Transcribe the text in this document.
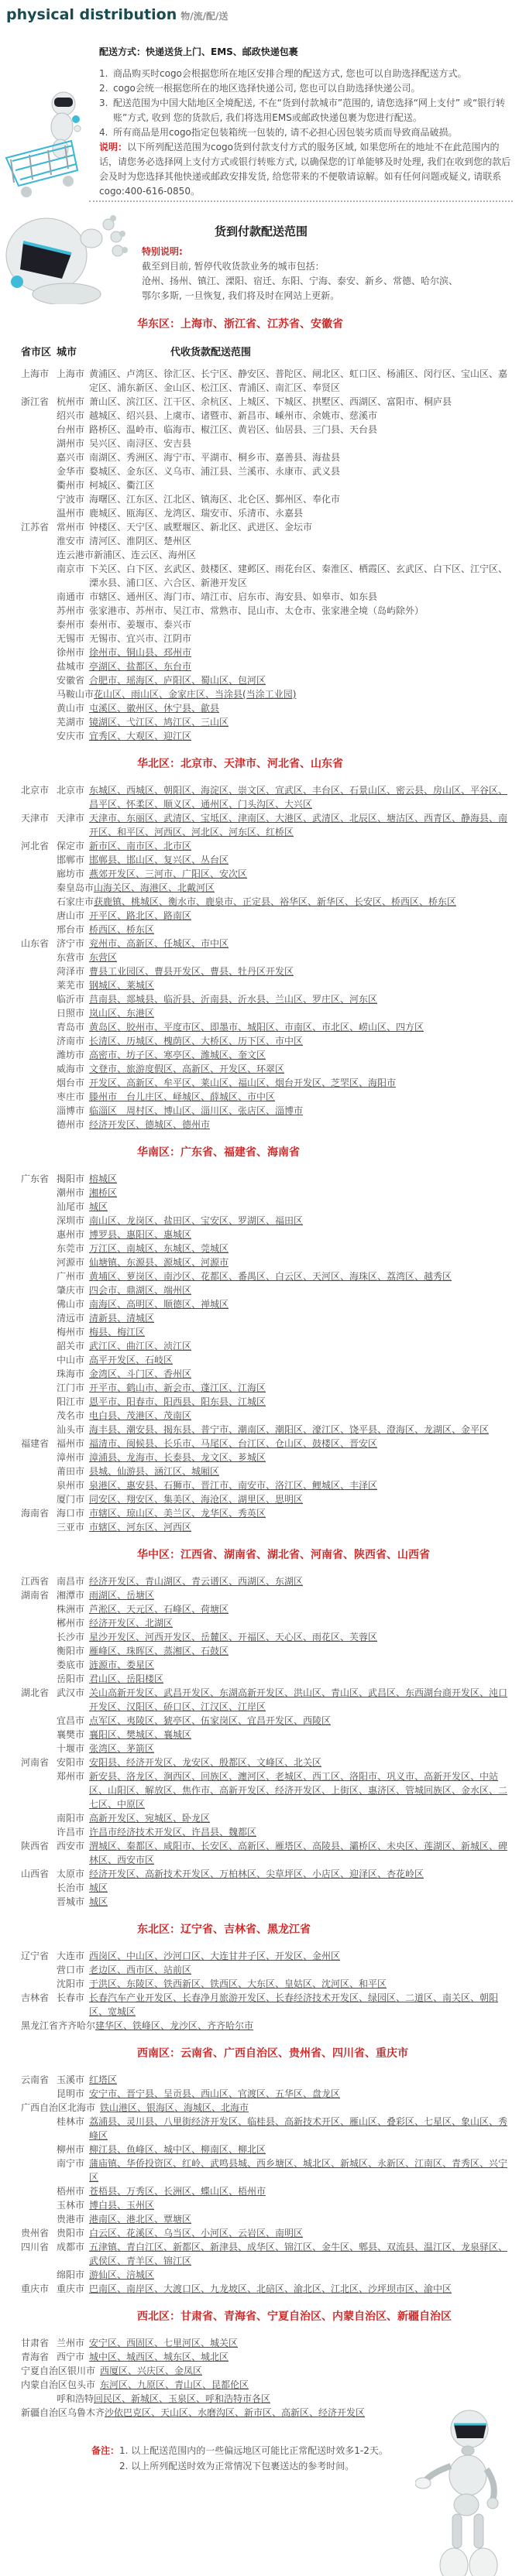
physical distribution 物/流/配/送
配送方式：快递送货上门、EMS、邮政快递包裹
1. 商品购买时cogo会根据您所在地区安排合理的配送方式, 您也可以自助选择配送方式。
2. cogo会统一根据您所在的地区选择快递公司, 您也可以自助选择快递公司。
3. 配送范围为中国大陆地区全境配送, 不在“货到付款城市”范围的, 请您选择“网上支付” 或“银行转账”方式, 收到 您的货款后, 我们将选用EMS或邮政快递包裹为您进行配送。
4. 所有商品是用cogo指定包装箱统一包装的, 请不必担心因包装劣质而导致商品破损。
说明：以下所列配送范围为cogo货到付款支付方式的服务区域, 如果您所在的地址不在此范围内的话，请您务必选择网上支付方式或银行转账方式, 以确保您的订单能够及时处理, 我们在收到您的款后会及时为您选择其他快递或邮政安排发货, 给您带来的不便敬请谅解。如有任何问题或疑义, 请联系cogo:400-616-0850。
货到付款配送范围
特别说明:
截至到目前, 暂停代收货款业务的城市包括：
沧州、扬州、镇江、溧阳、宿迁、东阳、宁海、泰安、新乡、常德、哈尔滨、
鄂尔多斯, 一旦恢复, 我们将及时在网站上更新。
华东区：上海市、浙江省、江苏省、安徽省
省市区 城市	代收货款配送范围
上海市 上海市 黄浦区、卢湾区、徐汇区、长宁区、静安区、普陀区、闸北区、虹口区、杨浦区、闵行区、宝山区、嘉定区、浦东新区、金山区、松江区、青浦区、南汇区、奉贤区
浙江省 杭州市 萧山区、滨江区、江干区、余杭区、上城区、下城区、拱墅区、西湖区、富阳市、桐庐县
绍兴市 越城区、绍兴县、上虞市、诸暨市、新昌市、嵊州市、余姚市、慈溪市
台州市 路桥区、温岭市、临海市、椒江区、黄岩区、仙居县、三门县、天台县
湖州市 吴兴区、南浔区、安吉县
嘉兴市 南湖区、秀洲区、海宁市、平湖市、桐乡市、嘉善县、海盐县
金华市 婺城区、金东区、义乌市、浦江县、兰溪市、永康市、武义县
衢州市 柯城区、衢江区
宁波市 海曙区、江东区、江北区、镇海区、北仑区、鄞州区、奉化市
温州市 鹿城区、瓯海区、龙湾区、瑞安市、乐清市、永嘉县
江苏省 常州市 钟楼区、天宁区、戚墅堰区、新北区、武进区、金坛市
淮安市 清河区、淮阴区、楚州区
连云港市 新浦区、连云区、海州区
南京市 下关区、白下区、玄武区、鼓楼区、建邺区、雨花台区、秦淮区、栖霞区、玄武区、白下区、江宁区、溧水县、浦口区、六合区、新港开发区
南通市 市辖区、通州区、海门市、靖江市、启东市、海安县、如皋市、如东县
苏州市 张家港市、苏州市、吴江市、常熟市、昆山市、太仓市、张家港全境（岛屿除外）
泰州市 泰州市、姜堰市、泰兴市
无锡市 无锡市、宜兴市、江阴市
徐州市 徐州市、铜山县、邳州市
盐城市 亭湖区、盐都区、东台市
安徽省 合肥市、瑶海区、庐阳区、蜀山区、包河区
马鞍山市 花山区、雨山区、金家庄区、当涂县(当涂工业园)
黄山市 屯溪区、徽州区、休宁县、歙县
芜湖市 镜湖区、弋江区、鸠江区、三山区
安庆市 宜秀区、大观区、迎江区
华北区：北京市、天津市、河北省、山东省
北京市 北京市 东城区、西城区、朝阳区、海淀区、崇文区、宣武区、丰台区、石景山区、密云县、房山区、平谷区、昌平区、怀柔区、顺义区、通州区、门头沟区、大兴区
天津市 天津市 天津市、东丽区、武清区、宝坻区、津南区、大港区、武清区、北辰区、塘沽区、西青区、静海县、南开区、和平区、河西区、河北区、河东区、红桥区
河北省 保定市 新市区、南市区、北市区
邯郸市 邯郸县、邯山区、复兴区、丛台区
廊坊市 燕郊开发区、三河市、广阳区、安次区
秦皇岛市 山海关区、海港区、北戴河区
石家庄市 获鹿镇、桃城区、衡水市、鹿泉市、正定县、裕华区、新华区、长安区、桥西区、桥东区
唐山市 开平区、路北区、路南区
邢台市 桥西区、桥东区
山东省 济宁市 兖州市、高新区、任城区、市中区
东营市 东营区
菏泽市 曹县工业园区、曹县开发区、曹县、牡丹区开发区
莱芜市 钢城区、莱城区
临沂市 莒南县、郯城县、临沂县、沂南县、沂水县、兰山区、罗庄区、河东区
日照市 岚山区、东港区
青岛市 黄岛区、胶州市、平度市区、即墨市、城阳区、市南区、市北区、崂山区、四方区
济南市 长清区、历城区、槐荫区、大桥区、历下区、市中区
潍坊市 高密市、坊子区、寒亭区、潍城区、奎文区
威海市 文登市、旅游度假区、高新区、开发区、环翠区
烟台市 开发区、高新区、牟平区、莱山区、福山区、烟台开发区、芝罘区、海阳市
枣庄市 滕州市　台儿庄区、峄城区、薛城区、市中区
淄博市 临淄区　周村区、博山区、淄川区、张店区、淄博市
德州市 经济开发区、德城区、德州市
华南区：广东省、福建省、海南省
广东省 揭阳市 榕城区
潮州市 湘桥区
汕尾市 城区
深圳市 南山区、龙岗区、盐田区、宝安区、罗湖区、福田区
惠州市 博罗县、惠阳区、惠城区
东莞市 万江区、南城区、东城区、莞城区
河源市 仙塘镇、东源县、源城区、河源市
广州市 黄埔区、萝岗区、南沙区、花都区、番禺区、白云区、天河区、海珠区、荔湾区、越秀区
肇庆市 四会市、鼎湖区、端州区
佛山市 南海区、高明区、顺德区、禅城区
清远市 清新县、清城区
梅州市 梅县、梅江区
韶关市 武江区、曲江区、浈江区
中山市 高平开发区、石岐区
珠海市 金湾区、斗门区、香州区
江门市 开平市、鹤山市、新会市、蓬江区、江海区
阳江市 恩平市、阳春市、阳西县、阳东县、江城区
茂名市 电白县、茂港区、茂南区
汕头市 海丰县、潮安县、揭东县、普宁市、潮南区、潮阳区、濠江区、饶平县、澄海区、龙湖区、金平区
福建省 福州市 福清市、闽候县、长乐市、马尾区、台江区、仓山区、鼓楼区、晋安区
漳州市 漳浦县、龙海市、长泰县、龙文区、芗城区
莆田市 县城、仙游县、涵江区、城厢区
泉州市 泉港区、惠安县、石狮市、晋江市、南安市、洛江区、鲤城区、丰泽区
厦门市 同安区、翔安区、集美区、海沧区、湖里区、思明区
海南省 海口市 市辖区、琼山区、美兰区、龙华区、秀英区
三亚市 市辖区、河东区、河西区
华中区：江西省、湖南省、湖北省、河南省、陕西省、山西省
江西省 南昌市 经济开发区、青山湖区、青云谱区、西湖区、东湖区
湖南省 湘潭市 雨湖区、岳塘区
株洲市 芦淞区、天元区、石峰区、荷塘区
郴州市 经济开发区、北湖区
长沙市 星沙开发区、河西开发区、岳麓区、开福区、天心区、雨花区、芙蓉区
衡阳市 雁峰区、珠晖区、蒸湘区、石鼓区
娄底市 涟源市、娄星区
岳阳市 君山区、岳阳楼区
湖北省 武汉市 关山高新开发区、武昌开发区、东湖高新开发区、洪山区、青山区、武昌区、东西湖台商开发区、沌口开发区、汉阳区、硚口区、江汉区、江岸区
宜昌市 点军区、夷陵区、猇亭区、伍家岗区、宜昌开发区、西陵区
襄樊市 襄阳区、樊城区、襄城区
十堰市 张湾区、茅箭区
河南省 安阳市 安阳县、经济开发区、龙安区、殷都区、文峰区、北关区
郑州市 新安县、洛龙区、涧西区、回族区、瀍河区、老城区、西工区、洛阳市、巩义市、高新开发区、中站区、山阳区、解放区、焦作市、高新开发区、经济开发区、上街区、惠济区、管城回族区、金水区、二七区、中原区
南阳市 高新开发区、宛城区、卧龙区
许昌市 许昌市经济技术开发区、许昌县、魏都区
陕西省 西安市 渭城区、秦都区、咸阳市、长安区、高新区、雁塔区、高陵县、灞桥区、未央区、莲湖区、新城区、碑林区、西安市区
山西省 太原市 经济开发区、高新技术开发区、万柏林区、尖草坪区、小店区、迎泽区、杏花岭区
长治市 城区
晋城市 城区
东北区：辽宁省、吉林省、黑龙江省
辽宁省 大连市 西岗区、中山区、沙河口区、大连甘井子区、开发区、金州区
营口市 老边区、西市区、站前区
沈阳市 于洪区、东陵区、铁西新区、铁西区、大东区、皇姑区、沈河区、和平区
吉林省 长春市 长春汽车产业开发区、长春净月旅游开发区、长春经济技术开发区、绿园区、二道区、南关区、朝阳区、宽城区
黑龙江省 齐齐哈尔 建华区、铁峰区、龙沙区、齐齐哈尔市
西南区：云南省、广西自治区、贵州省、四川省、重庆市
云南省 玉溪市 红塔区
昆明市 安宁市、晋宁县、呈贡县、西山区、官渡区、五华区、盘龙区
广西自治区 北海市 铁山港区、银海区、海城区、北海市
桂林市 荔浦县、灵川县、八里街经济开发区、临桂县、高新技术开区、雁山区、叠彩区、七星区、象山区、秀峰区
柳州市 柳江县、鱼峰区、城中区、柳南区、柳北区
南宁市 蒲庙镇、华侨投资区、红岭、武鸣县城、西乡塘区、城北区、新城区、永新区、江南区、青秀区、兴宁区
梧州市 苍梧县、万秀区、长洲区、蝶山区、梧州市
玉林市 博白县、玉州区
贵港市 港南区、港北区、覃塘区
贵州省 贵阳市 白云区、花溪区、乌当区、小河区、云岩区、南明区
四川省 成都市 五津镇、青白江区、新都区、新津县、成华区、锦江区、金牛区、郫县、双流县、温江区、龙泉驿区、武侯区、青羊区、锦江区
绵阳市 游仙区、涪城区
重庆市 重庆市 巴南区、南岸区、大渡口区、九龙坡区、北碚区、渝北区、江北区、沙坪坝市区、渝中区
西北区：甘肃省、青海省、宁夏自治区、内蒙自治区、新疆自治区
甘肃省 兰州市 安宁区、西固区、七里河区、城关区
青海省 西宁市 城中区、城西区、城东区、城北区
宁夏自治区 银川市 西厦区、兴庆区、金凤区
内蒙自治区 包头市 东河区、九原区、青山区、昆都伦区
呼和浩特 回民区、新城区、玉泉区、呼和浩特市各区
新疆自治区 乌鲁木齐 沙依巴克区、天山区、水磨沟区、新市区、高新区、经济开发区
备注： 1. 以上配送范围内的一些偏远地区可能比正常配送时效多1-2天。
2. 以上所列配送时效为正常情况下包裹送达的参考时间。
